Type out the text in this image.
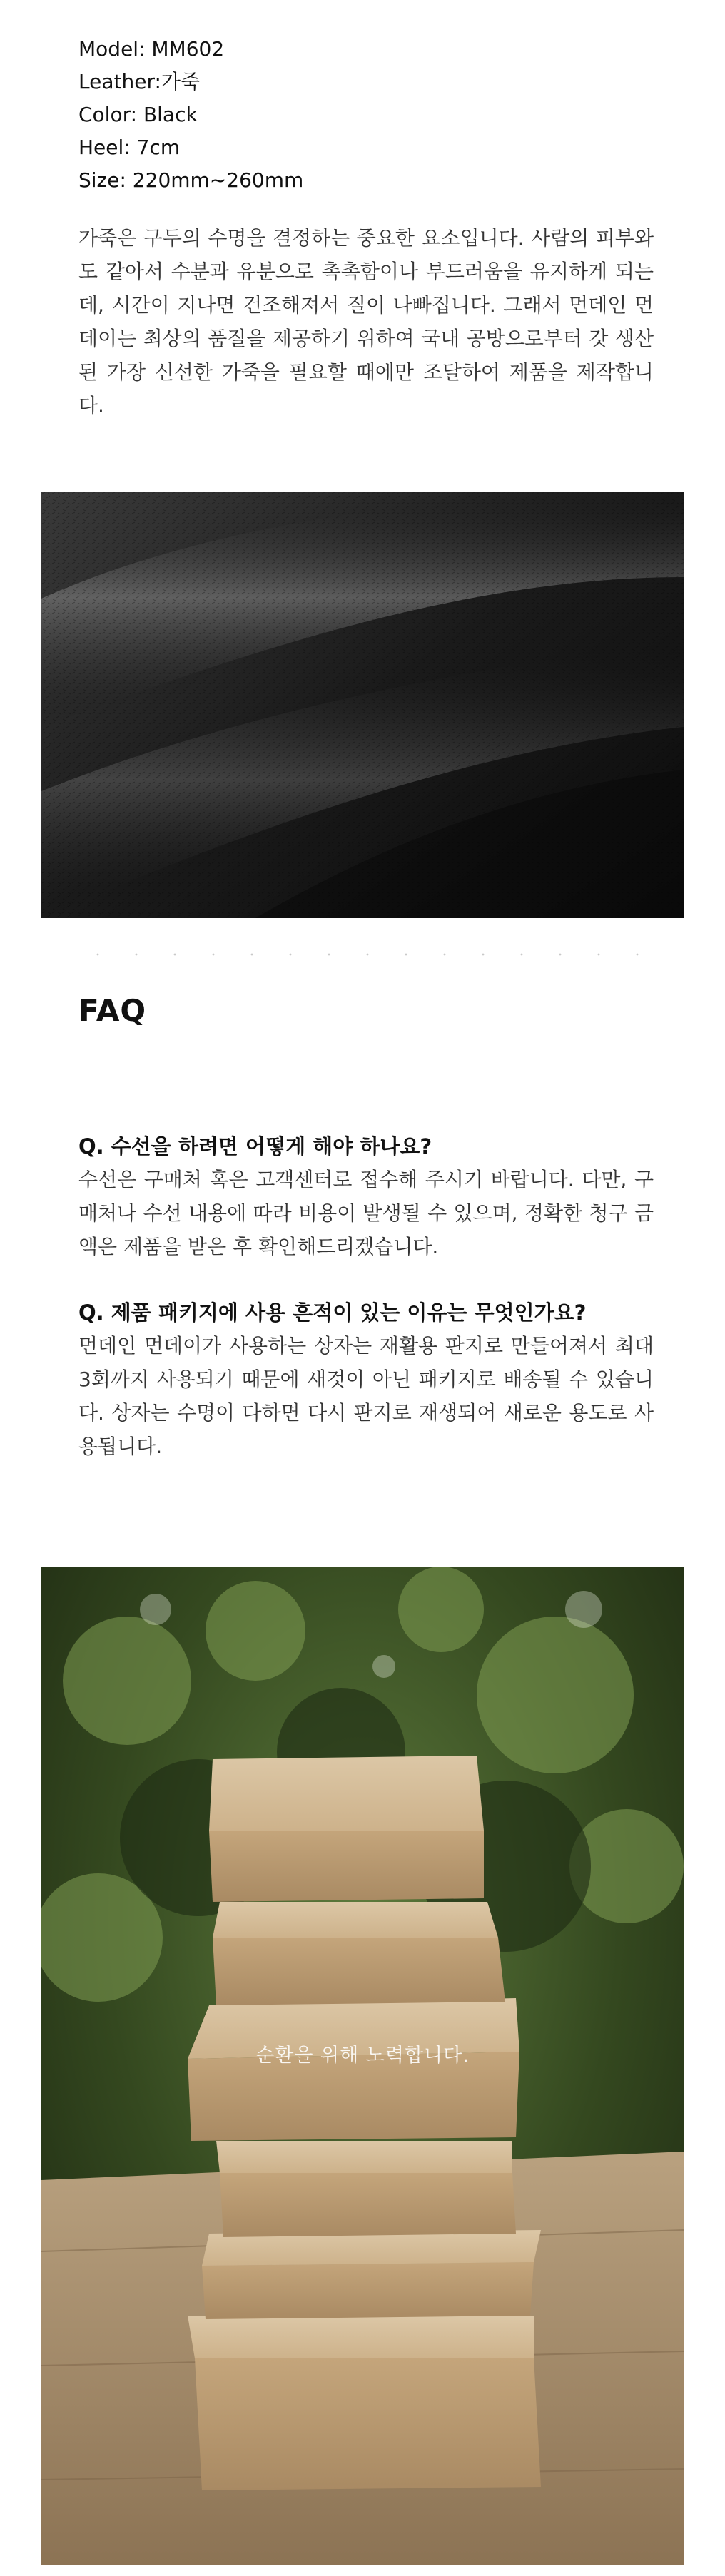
Model: MM602
Leather:가죽
Color: Black
Heel: 7cm
Size: 220mm~260mm

가죽은 구두의 수명을 결정하는 중요한 요소입니다. 사람의 피부와도 같아서 수분과 유분으로 촉촉함이나 부드러움을 유지하게 되는데, 시간이 지나면 건조해져서 질이 나빠집니다. 그래서 먼데인 먼데이는 최상의 품질을 제공하기 위하여 국내 공방으로부터 갓 생산된 가장 신선한 가죽을 필요할 때에만 조달하여 제품을 제작합니다.

FAQ

Q. 수선을 하려면 어떻게 해야 하나요?

수선은 구매처 혹은 고객센터로 접수해 주시기 바랍니다. 다만, 구매처나 수선 내용에 따라 비용이 발생될 수 있으며, 정확한 청구 금액은 제품을 받은 후 확인해드리겠습니다.

Q. 제품 패키지에 사용 흔적이 있는 이유는 무엇인가요?

먼데인 먼데이가 사용하는 상자는 재활용 판지로 만들어져서 최대 3회까지 사용되기 때문에 새것이 아닌 패키지로 배송될 수 있습니다. 상자는 수명이 다하면 다시 판지로 재생되어 새로운 용도로 사용됩니다.

순환을 위해 노력합니다.
